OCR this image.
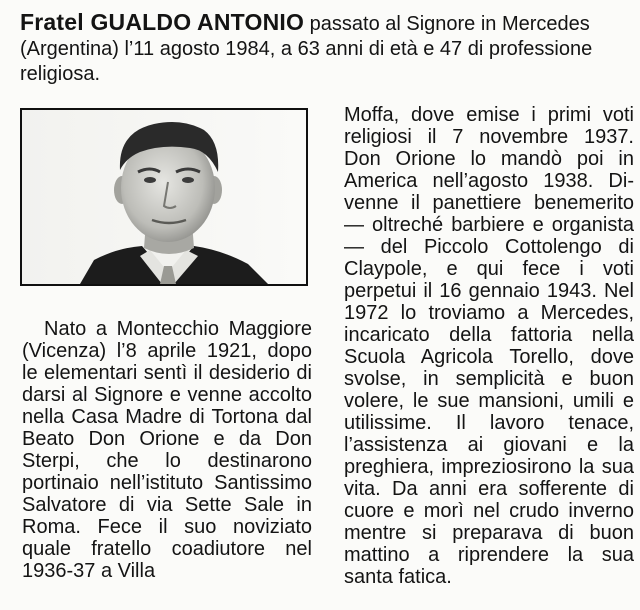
Fratel GUALDO ANTONIO passato al Signore in Mercedes (Argentina) l’11 agosto 1984, a 63 anni di età e 47 di professione religiosa.

Nato a Montecchio Maggiore (Vicenza) l’8 aprile 1921, dopo le elementari sentì il desiderio di darsi al Signore e venne accolto nella Casa Madre di Tortona dal Beato Don Orione e da Don Sterpi, che lo destinarono portinaio nell’istituto Santissimo Salvatore di via Sette Sale in Roma. Fece il suo noviziato quale fratello coadiutore nel 1936-37 a Villa

Moffa, dove emise i primi voti religiosi il 7 novembre 1937. Don Orione lo mandò poi in America nell’agosto 1938. Divenne il panettiere benemerito — oltreché barbiere e organista — del Piccolo Cottolengo di Claypole, e qui fece i voti perpetui il 16 gennaio 1943. Nel 1972 lo troviamo a Mercedes, incaricato della fattoria nella Scuola Agricola Torello, dove svolse, in semplicità e buon volere, le sue mansioni, umili e utilissime. Il lavoro tenace, l’assistenza ai giovani e la preghiera, impreziosirono la sua vita. Da anni era sofferente di cuore e morì nel crudo inverno mentre si preparava di buon mattino a riprendere la sua santa fatica.
